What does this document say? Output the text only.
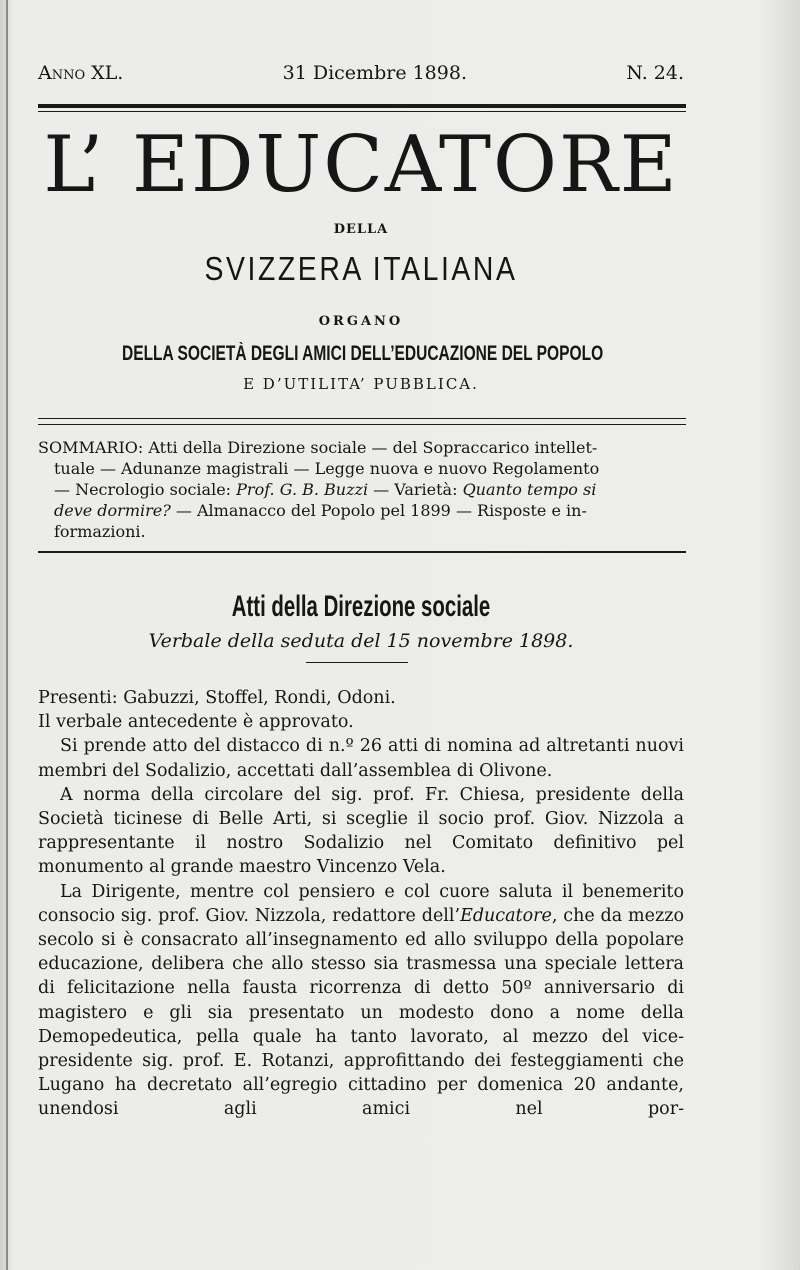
Anno XL.	31 Dicembre 1898.	N. 24.
L’ EDUCATORE
DELLA
SVIZZERA ITALIANA
ORGANO
DELLA SOCIETÀ DEGLI AMICI DELL’EDUCAZIONE DEL POPOLO
E D’UTILITA’ PUBBLICA.
SOMMARIO: Atti della Direzione sociale — del Sopraccarico intellet-
tuale — Adunanze magistrali — Legge nuova e nuovo Regolamento
— Necrologio sociale: Prof. G. B. Buzzi — Varietà: Quanto tempo si
deve dormire? — Almanacco del Popolo pel 1899 — Risposte e in-
formazioni.
Atti della Direzione sociale
Verbale della seduta del 15 novembre 1898.

Presenti: Gabuzzi, Stoffel, Rondi, Odoni.

Il verbale antecedente è approvato.

Si prende atto del distacco di n.º 26 atti di nomina ad altretanti nuovi membri del Sodalizio, accettati dall’assemblea di Olivone.

A norma della circolare del sig. prof. Fr. Chiesa, presidente della Società ticinese di Belle Arti, si sceglie il socio prof. Giov. Nizzola a rappresentante il nostro Sodalizio nel Comitato definitivo pel monumento al grande maestro Vincenzo Vela.

La Dirigente, mentre col pensiero e col cuore saluta il benemerito consocio sig. prof. Giov. Nizzola, redattore dell’Educatore, che da mezzo secolo si è consacrato all’insegnamento ed allo sviluppo della popolare educazione, delibera che allo stesso sia trasmessa una speciale lettera di felicitazione nella fausta ricorrenza di detto 50º anniversario di magistero e gli sia presentato un modesto dono a nome della Demopedeutica, pella quale ha tanto lavorato, al mezzo del vice-presidente sig. prof. E. Rotanzi, approfittando dei festeggiamenti che Lugano ha decretato all’egregio cittadino per domenica 20 andante, unendosi agli amici nel por-
